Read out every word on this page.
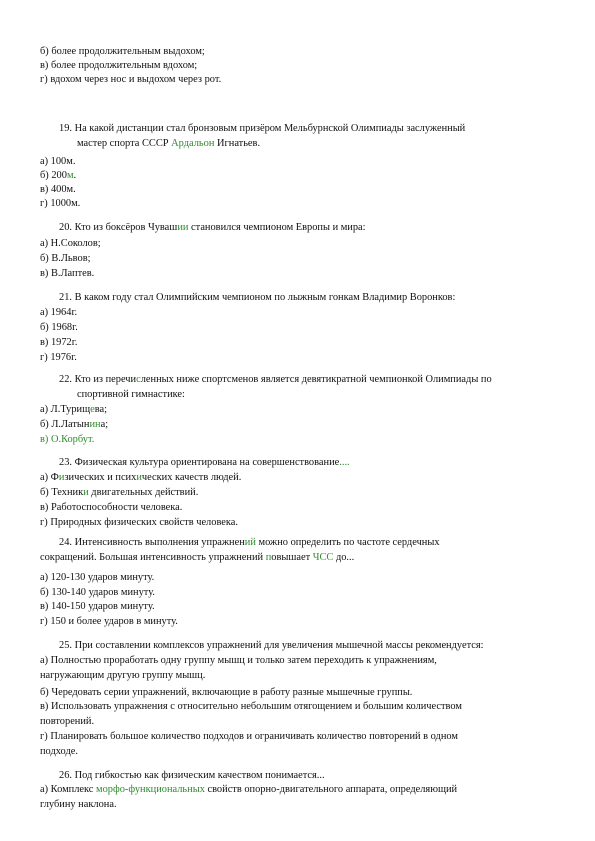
б) более продолжительным выдохом;
в) более продолжительным вдохом;
г) вдохом через нос и выдохом через рот.
19. На какой дистанции стал бронзовым призёром Мельбурнской Олимпиады заслуженный
мастер спорта СССР Ардальон Игнатьев.
а) 100м.
б) 200м.
в) 400м.
г) 1000м.
20. Кто из боксёров Чувашии становился чемпионом Европы и мира:
а) Н.Соколов;
б) В.Львов;
в) В.Лаптев.
21. В каком году стал Олимпийским чемпионом по лыжным гонкам Владимир Воронков:
а) 1964г.
б) 1968г.
в) 1972г.
г) 1976г.
22. Кто из перечисленных ниже спортсменов является девятикратной чемпионкой Олимпиады по
спортивной гимнастике:
а) Л.Турищева;
б) Л.Латынина;
в) О.Корбут.
23. Физическая культура ориентирована на совершенствование....
а) Физических и психических качеств людей.
б) Техники двигательных действий.
в) Работоспособности человека.
г) Природных физических свойств человека.
24. Интенсивность выполнения упражнений можно определить по частоте сердечных
сокращений. Большая интенсивность упражнений повышает ЧСС до...
а) 120-130 ударов минуту.
б) 130-140 ударов минуту.
в) 140-150 ударов минуту.
г) 150 и более ударов в минуту.
25. При составлении комплексов упражнений для увеличения мышечной массы рекомендуется:
а) Полностью проработать одну группу мышц и только затем переходить к упражнениям,
нагружающим другую группу мышц.
б) Чередовать серии упражнений, включающие в работу разные мышечные группы.
в) Использовать упражнения с относительно небольшим отягощением и большим количеством
повторений.
г) Планировать большое количество подходов и ограничивать количество повторений в одном
подходе.
26. Под гибкостью как физическим качеством понимается...
а) Комплекс морфо-функциональных свойств опорно-двигательного аппарата, определяющий
глубину наклона.
